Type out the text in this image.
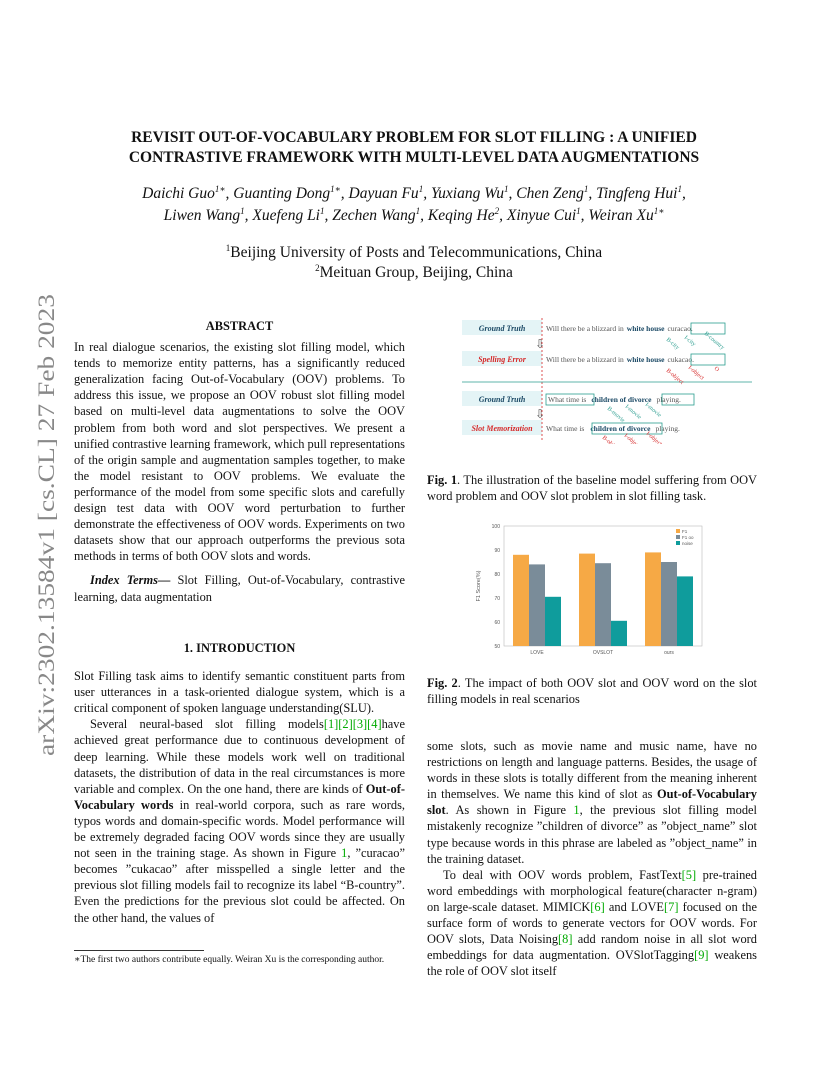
arXiv:2302.13584v1 [cs.CL] 27 Feb 2023
REVISIT OUT-OF-VOCABULARY PROBLEM FOR SLOT FILLING : A UNIFIED
CONTRASTIVE FRAMEWORK WITH MULTI-LEVEL DATA AUGMENTATIONS
Daichi Guo$^{1∗}$, Guanting Dong$^{1∗}$, Dayuan Fu$^1$, Yuxiang Wu$^1$, Chen Zeng$^1$, Tingfeng Hui$^1$,
Liwen Wang$^1$, Xuefeng Li$^1$, Zechen Wang$^1$, Keqing He$^2$, Xinyue Cui$^1$, Weiran $Xu^{1∗}$
$^1$Beijing University of Posts and Telecommunications, China
$^2$Meituan Group, Beijing, China
ABSTRACT

In real dialogue scenarios, the existing slot filling model, which tends to memorize entity patterns, has a significantly reduced generalization facing Out-of-Vocabulary (OOV) problems. To address this issue, we propose an OOV robust slot filling model based on multi-level data augmentations to solve the OOV problem from both word and slot perspectives. We present a unified contrastive learning framework, which pull representations of the origin sample and augmentation samples together, to make the model resistant to OOV problems. We evaluate the performance of the model from some specific slots and carefully design test data with OOV word perturbation to further demonstrate the effectiveness of OOV words. Experiments on two datasets show that our approach outperforms the previous sota methods in terms of both OOV slots and words.

Index Terms— Slot Filling, Out-of-Vocabulary, contrastive learning, data augmentation

1. INTRODUCTION

Slot Filling task aims to identify semantic constituent parts from user utterances in a task-oriented dialogue system, which is a critical component of spoken language understanding(SLU).

Several neural-based slot filling models[1][2][3][4]have achieved great performance due to continuous development of deep learning. While these models work well on traditional datasets, the distribution of data in the real circumstances is more variable and complex. On the one hand, there are kinds of Out-of-Vocabulary words in real-world corpora, such as rare words, typos words and domain-specific words. Model performance will be extremely degraded facing OOV words since they are usually not seen in the training stage. As shown in Figure 1, ”curacao” becomes ”cukacao” after misspelled a single letter and the previous slot filling models fail to recognize its label “B-country”. Even the predictions for the previous slot could be affected. On the other hand, the values of

∗The first two authors contribute equally. Weiran Xu is the corresponding author.
Ground Truth
Spelling Error
Ground Truth
Slot Memorization
⇩
⇩
Will there be a blizzard in white house curacao.
Will there be a blizzard in white house cukacao.
B-city I-city B-country
B-object I-object O
What time is children of divorce playing.
B-movie
I-movie I-movie
What time is children of divorce playing.
B-object I-object I-object
Fig. 1. The illustration of the baseline model suffering from OOV word problem and OOV slot problem in slot filling task.
50
60
70
80
90
100
F1 Score(%)
LOVE	OVSLOT	ours
F1
F1 oo
noise
Fig. 2. The impact of both OOV slot and OOV word on the slot filling models in real scenarios

some slots, such as movie name and music name, have no restrictions on length and language patterns. Besides, the usage of words in these slots is totally different from the meaning inherent in themselves. We name this kind of slot as Out-of-Vocabulary slot. As shown in Figure 1, the previous slot filling model mistakenly recognize ”children of divorce” as ”object_name” slot type because words in this phrase are labeled as ”object_name” in the training dataset.

To deal with OOV words problem, FastText[5] pre-trained word embeddings with morphological feature(character n-gram) on large-scale dataset. MIMICK[6] and LOVE[7] focused on the surface form of words to generate vectors for OOV words. For OOV slots, Data Noising[8] add random noise in all slot word embeddings for data augmentation. OVSlotTagging[9] weakens the role of OOV slot itself
